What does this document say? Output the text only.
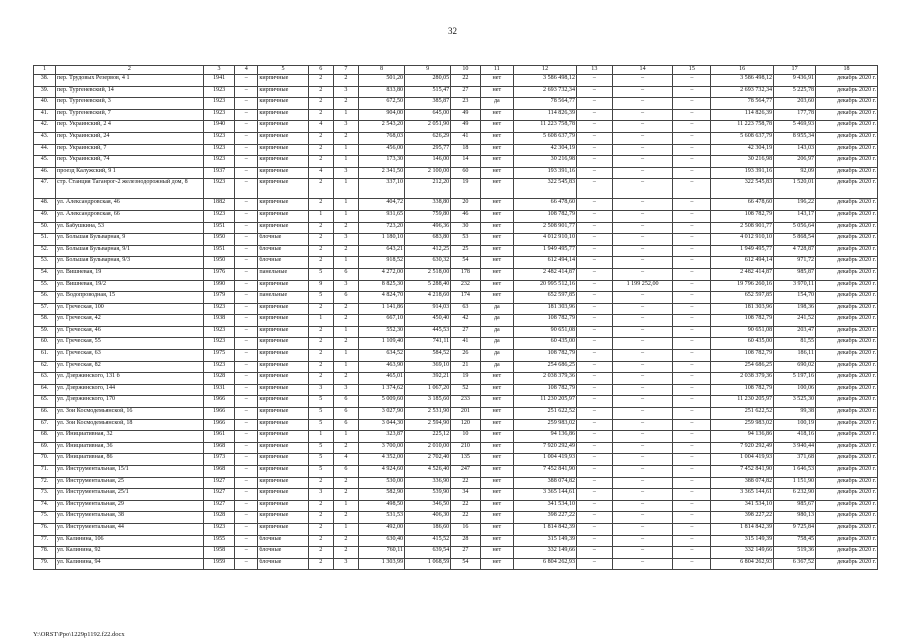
32
1	2	3	4	5	6	7	8	9	10	11	12	13	14	15	16	17	18
38.	пер. Трудовых Резервов, 4 1	1941	–	кирпичные	2	2	501,20	280,05	22	нет	3 586 498,12	–	–	–	3 586 498,12	9 436,91	декабрь 2020 г.
39.	пер. Тургеневский, 14	1923	–	кирпичные	2	3	833,80	515,47	27	нет	2 693 732,34	–	–	–	2 693 732,34	5 225,78	декабрь 2020 г.
40.	пер. Тургеневский, 3	1923	–	кирпичные	2	2	672,50	385,87	23	да	78 564,77	–	–	–	78 564,77	203,60	декабрь 2020 г.
41.	пер. Тургеневский, 7	1923	–	кирпичные	2	1	904,00	645,00	49	нет	114 826,39	–	–	–	114 826,39	177,78	декабрь 2020 г.
42.	пер. Украинский, 2 4	1940	–	кирпичные	4	3	2 543,20	2 051,90	49	нет	11 223 758,78	–	–	–	11 223 758,78	5 469,93	декабрь 2020 г.
43.	пер. Украинский, 24	1923	–	кирпичные	2	2	768,03	626,29	41	нет	5 608 637,79	–	–	–	5 608 637,79	8 955,34	декабрь 2020 г.
44.	пер. Украинский, 7	1923	–	кирпичные	2	1	456,00	295,77	18	нет	42 304,19	–	–	–	42 304,19	143,03	декабрь 2020 г.
45.	пер. Украинский, 74	1923	–	кирпичные	2	1	173,30	146,00	14	нет	30 216,98	–	–	–	30 216,98	206,97	декабрь 2020 г.
46.	проезд Калужский, 9 1	1937	–	кирпичные	4	3	2 341,50	2 100,00	60	нет	193 391,16	–	–	–	193 391,16	92,09	декабрь 2020 г.
47.	стр. Станция Таганрог-2 железнодорожный дом, 8	1923	–	кирпичные	2	1	337,10	212,20	19	нет	322 545,83	–	–	–	322 545,83	1 520,01	декабрь 2020 г.
48.	ул. Александровская, 46	1882	–	кирпичные	2	1	404,72	338,80	20	нет	66 478,60	–	–	–	66 478,60	196,22	декабрь 2020 г.
49.	ул. Александровская, 66	1923	–	кирпичные	1	1	931,65	759,80	46	нет	108 782,79	–	–	–	108 782,79	143,17	декабрь 2020 г.
50.	ул. Бабушкина, 53	1951	–	кирпичные	2	2	723,20	496,36	30	нет	2 508 901,77	–	–	–	2 508 901,77	5 056,64	декабрь 2020 г.
51.	ул. Большая Бульварная, 9	1950	–	блочные	2	3	1 180,10	683,80	53	нет	4 012 910,10	–	–	–	4 012 910,10	5 868,54	декабрь 2020 г.
52.	ул. Большая Бульварная, 9/1	1951	–	блочные	2	2	643,21	412,25	25	нет	1 949 495,77	–	–	–	1 949 495,77	4 728,87	декабрь 2020 г.
53.	ул. Большая Бульварная, 9/3	1950	–	блочные	2	1	918,52	630,32	54	нет	612 494,14	–	–	–	612 494,14	971,72	декабрь 2020 г.
54.	ул. Вишневая, 19	1976	–	панельные	5	6	4 272,00	2 518,00	178	нет	2 482 414,87	–	–	–	2 482 414,87	985,87	декабрь 2020 г.
55.	ул. Вишневая, 19/2	1990	–	кирпичные	9	3	8 825,30	5 288,40	232	нет	20 995 512,16	–	1 199 252,00	–	19 796 260,16	3 970,11	декабрь 2020 г.
56.	ул. Водопроводная, 15	1979	–	панельные	5	6	4 824,70	4 218,60	174	нет	652 597,85	–	–	–	652 597,85	154,70	декабрь 2020 г.
57.	ул. Греческая, 100	1923	–	кирпичные	2	2	1 141,86	914,03	63	да	181 303,96	–	–	–	181 303,96	198,36	декабрь 2020 г.
58.	ул. Греческая, 42	1938	–	кирпичные	1	2	667,10	450,40	42	да	108 782,79	–	–	–	108 782,79	241,52	декабрь 2020 г.
59.	ул. Греческая, 46	1923	–	кирпичные	2	1	552,30	445,53	27	да	90 651,08	–	–	–	90 651,08	203,47	декабрь 2020 г.
60.	ул. Греческая, 55	1923	–	кирпичные	2	2	1 109,40	741,11	41	да	60 435,00	–	–	–	60 435,00	81,55	декабрь 2020 г.
61.	ул. Греческая, 63	1975	–	кирпичные	2	1	634,52	584,52	26	да	108 782,79	–	–	–	108 782,79	186,11	декабрь 2020 г.
62.	ул. Греческая, 82	1923	–	кирпичные	2	1	463,90	369,10	21	да	254 686,25	–	–	–	254 686,25	690,02	декабрь 2020 г.
63.	ул. Дзержинского, 131 б	1928	–	кирпичные	2	2	465,01	392,21	19	нет	2 038 379,36	–	–	–	2 038 379,36	5 197,16	декабрь 2020 г.
64.	ул. Дзержинского, 144	1931	–	кирпичные	3	3	1 374,62	1 067,20	52	нет	108 782,79	–	–	–	108 782,79	100,06	декабрь 2020 г.
65.	ул. Дзержинского, 170	1966	–	кирпичные	5	6	5 009,60	3 185,60	233	нет	11 230 205,97	–	–	–	11 230 205,97	3 525,30	декабрь 2020 г.
66.	ул. Зои Космодемьянской, 16	1966	–	кирпичные	5	6	3 027,90	2 531,90	201	нет	251 622,52	–	–	–	251 622,52	99,38	декабрь 2020 г.
67.	ул. Зои Космодемьянской, 18	1966	–	кирпичные	5	6	3 044,30	2 594,90	120	нет	259 983,02	–	–	–	259 983,02	100,19	декабрь 2020 г.
68.	ул. Инициативная, 32	1961	–	кирпичные	1	1	323,87	225,12	10	нет	94 136,86	–	–	–	94 136,86	418,16	декабрь 2020 г.
69.	ул. Инициативная, 36	1968	–	кирпичные	5	2	3 700,00	2 010,00	210	нет	7 920 292,49	–	–	–	7 920 292,49	3 940,44	декабрь 2020 г.
70.	ул. Инициативная, 86	1973	–	кирпичные	5	4	4 352,00	2 702,40	135	нет	1 004 419,93	–	–	–	1 004 419,93	371,68	декабрь 2020 г.
71.	ул. Инструментальная, 15/1	1968	–	кирпичные	5	6	4 924,60	4 526,40	247	нет	7 452 841,90	–	–	–	7 452 841,90	1 646,53	декабрь 2020 г.
72.	ул. Инструментальная, 25	1927	–	кирпичные	2	2	530,00	336,90	22	нет	388 074,82	–	–	–	388 074,82	1 151,90	декабрь 2020 г.
73.	ул. Инструментальная, 25/1	1927	–	кирпичные	3	2	582,90	539,90	34	нет	3 365 144,61	–	–	–	3 365 144,61	6 232,90	декабрь 2020 г.
74.	ул. Инструментальная, 29	1927	–	кирпичные	2	1	498,50	346,50	22	нет	341 534,10	–	–	–	341 534,10	985,67	декабрь 2020 г.
75.	ул. Инструментальная, 38	1928	–	кирпичные	2	2	531,53	406,30	22	нет	398 227,22	–	–	–	398 227,22	980,13	декабрь 2020 г.
76.	ул. Инструментальная, 44	1923	–	кирпичные	2	1	492,00	186,60	16	нет	1 814 842,39	–	–	–	1 814 842,39	9 725,84	декабрь 2020 г.
77.	ул. Калинина, 106	1955	–	блочные	2	2	630,40	415,52	28	нет	315 149,39	–	–	–	315 149,39	758,45	декабрь 2020 г.
78.	ул. Калинина, 92	1958	–	блочные	2	2	760,11	639,54	27	нет	332 149,66	–	–	–	332 149,66	519,36	декабрь 2020 г.
79.	ул. Калинина, 94	1959	–	блочные	2	3	1 303,99	1 068,59	54	нет	6 804 262,93	–	–	–	6 804 262,93	6 367,52	декабрь 2020 г.
Y:\ORST\Ppo\1229p1192.f22.docx
